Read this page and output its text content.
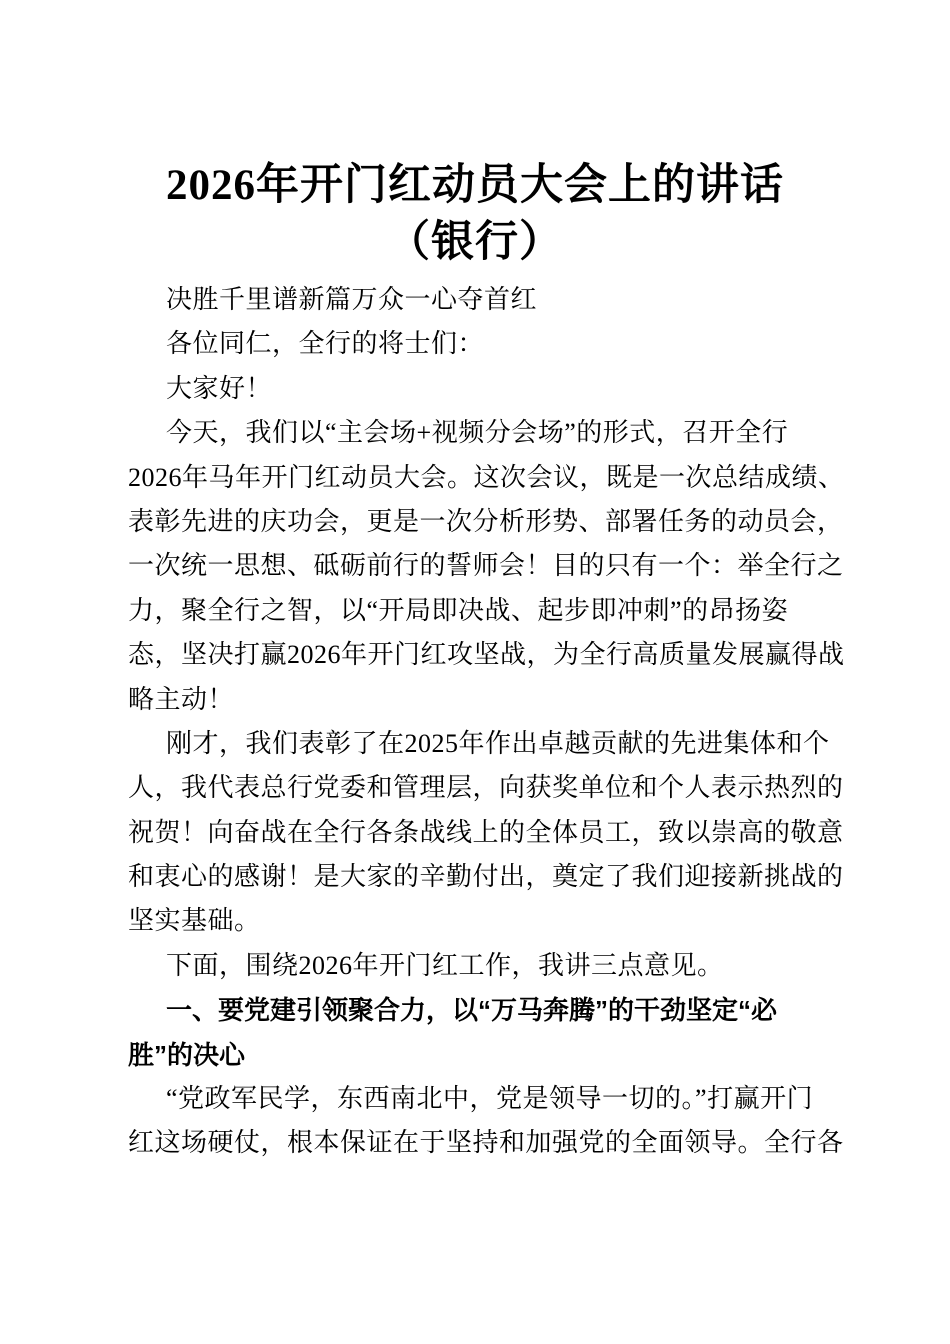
2026年开门红动员大会上的讲话
（银行）
决胜千里谱新篇万众一心夺首红
各位同仁，全行的将士们：
大家好！
今天，我们以“主会场+视频分会场”的形式，召开全行
2026年马年开门红动员大会。这次会议，既是一次总结成绩、
表彰先进的庆功会，更是一次分析形势、部署任务的动员会，
一次统一思想、砥砺前行的誓师会！目的只有一个：举全行之
力，聚全行之智，以“开局即决战、起步即冲刺”的昂扬姿
态，坚决打赢2026年开门红攻坚战，为全行高质量发展赢得战
略主动！
刚才，我们表彰了在2025年作出卓越贡献的先进集体和个
人，我代表总行党委和管理层，向获奖单位和个人表示热烈的
祝贺！向奋战在全行各条战线上的全体员工，致以崇高的敬意
和衷心的感谢！是大家的辛勤付出，奠定了我们迎接新挑战的
坚实基础。
下面，围绕2026年开门红工作，我讲三点意见。
一、要党建引领聚合力，以“万马奔腾”的干劲坚定“必
胜”的决心
“党政军民学，东西南北中，党是领导一切的。”打赢开门
红这场硬仗，根本保证在于坚持和加强党的全面领导。全行各
